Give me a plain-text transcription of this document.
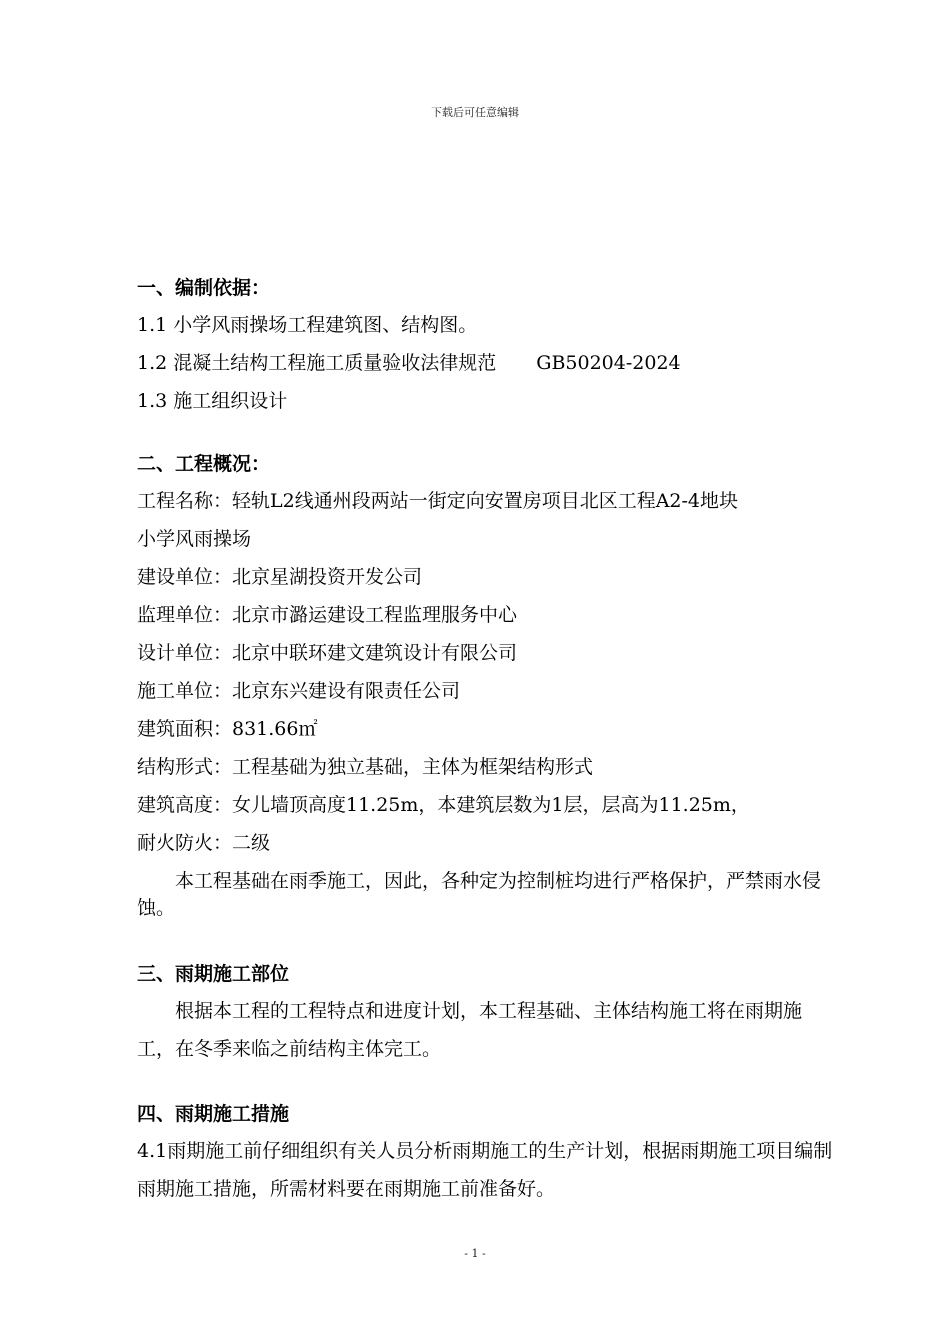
下载后可任意编辑
一、编制依据：
1.1 小学风雨操场工程建筑图、结构图。
1.2 混凝土结构工程施工质量验收法律规范 GB50204-2024
1.3 施工组织设计
二、工程概况：
工程名称：轻轨L2线通州段两站一街定向安置房项目北区工程A2-4地块
小学风雨操场
建设单位：北京星湖投资开发公司
监理单位：北京市潞运建设工程监理服务中心
设计单位：北京中联环建文建筑设计有限公司
施工单位：北京东兴建设有限责任公司
建筑面积：831.66㎡
结构形式：工程基础为独立基础，主体为框架结构形式
建筑高度：女儿墙顶高度11.25m，本建筑层数为1层，层高为11.25m，
耐火防火：二级
本工程基础在雨季施工，因此，各种定为控制桩均进行严格保护，严禁雨水侵蚀。
三、雨期施工部位
根据本工程的工程特点和进度计划，本工程基础、主体结构施工将在雨期施工，在冬季来临之前结构主体完工。
四、雨期施工措施
4.1雨期施工前仔细组织有关人员分析雨期施工的生产计划，根据雨期施工项目编制雨期施工措施，所需材料要在雨期施工前准备好。
- 1 -
